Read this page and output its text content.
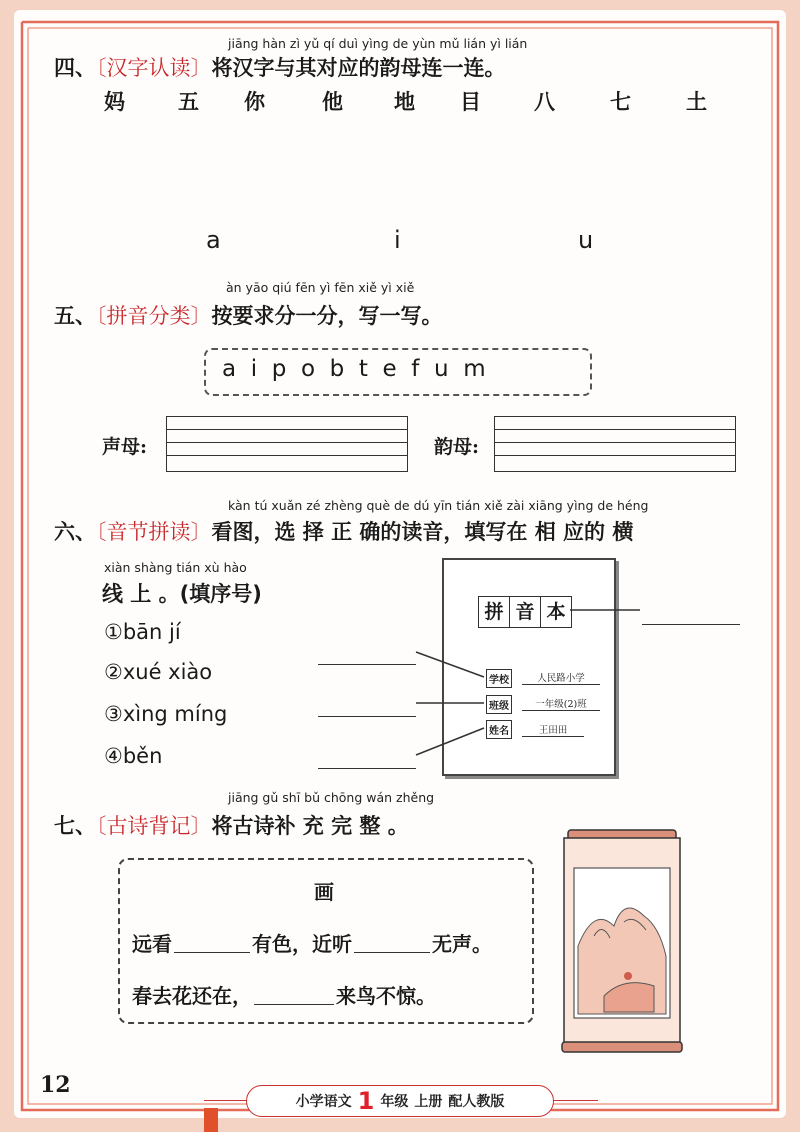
jiāng hàn zì yǔ qí duì yìng de yùn mǔ lián yì lián
四、〔汉字认读〕将汉字与其对应的韵母连一连。
妈	五 你	他 地 目	八	七	土
a	i	u
àn yāo qiú fēn yì fēn xiě yì xiě
五、〔拼音分类〕按要求分一分，写一写。
a  i  p  o  b  t  e  f  u  m
声母:	韵母:
kàn tú xuǎn zé zhèng què de dú yīn tián xiě zài xiāng yìng de héng
六、〔音节拼读〕看图，选 择 正 确的读音，填写在 相 应的 横
xiàn shàng tián xù hào
线 上 。(填序号)
①bān jí
②xué xiào
③xìng míng
④běn
拼 音 本
学校	人民路小学
班级	一年级(2)班
姓名	王田田
jiāng gǔ shī bǔ chōng wán zhěng
七、〔古诗背记〕将古诗补 充 完 整 。
画
远看	有色，近听	无声。
春去花还在，	来鸟不惊。
12
小学语文 1 年级 上册 配人教版
